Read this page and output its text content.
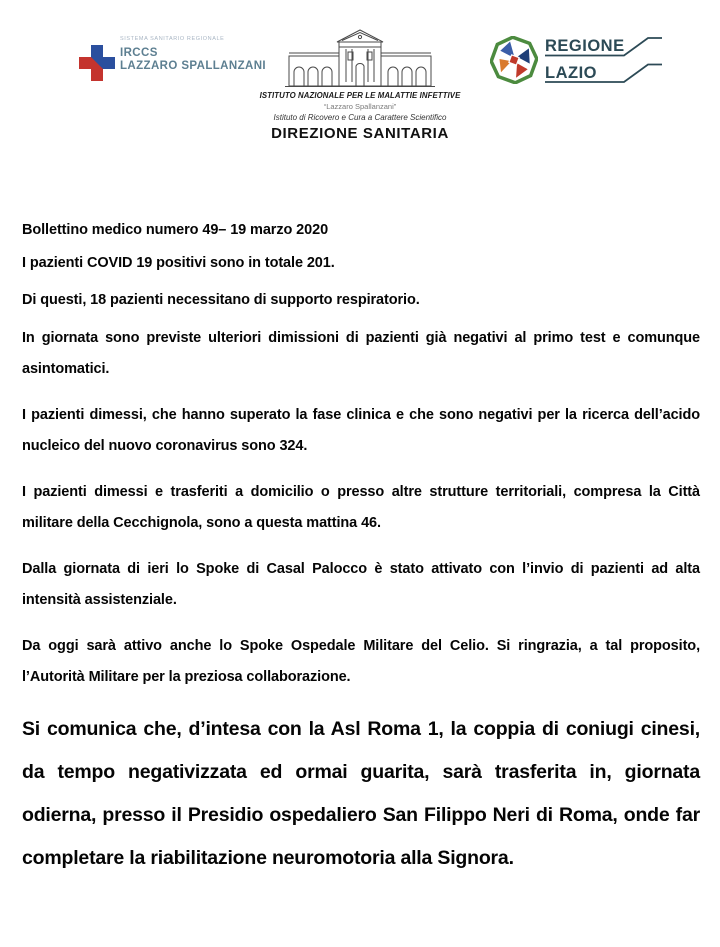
SISTEMA SANITARIO REGIONALE
IRCCS
LAZZARO SPALLANZANI
ISTITUTO NAZIONALE PER LE MALATTIE INFETTIVE
“Lazzaro Spallanzani”
Istituto di Ricovero e Cura a Carattere Scientifico
DIREZIONE SANITARIA
REGIONE
LAZIO

Bollettino medico numero 49– 19 marzo 2020

I pazienti COVID 19 positivi sono in totale 201.

Di questi, 18 pazienti necessitano di supporto respiratorio.

In giornata sono previste ulteriori dimissioni di pazienti già negativi al primo test e comunque asintomatici.

I pazienti dimessi, che hanno superato la fase clinica e che sono negativi per la ricerca dell’acido nucleico del nuovo coronavirus sono 324.

I pazienti dimessi e trasferiti a domicilio o presso altre strutture territoriali, compresa la Città militare della Cecchignola, sono a questa mattina 46.

Dalla giornata di ieri lo Spoke di Casal Palocco è stato attivato con l’invio di pazienti ad alta intensità assistenziale.

Da oggi sarà attivo anche lo Spoke Ospedale Militare del Celio. Si ringrazia, a tal proposito, l’Autorità Militare per la preziosa collaborazione.

Si comunica che, d’intesa con la Asl Roma 1, la coppia di coniugi cinesi, da tempo negativizzata ed ormai guarita, sarà trasferita in, giornata odierna, presso il Presidio ospedaliero San Filippo Neri di Roma, onde far completare la riabilitazione neuromotoria alla Signora.
